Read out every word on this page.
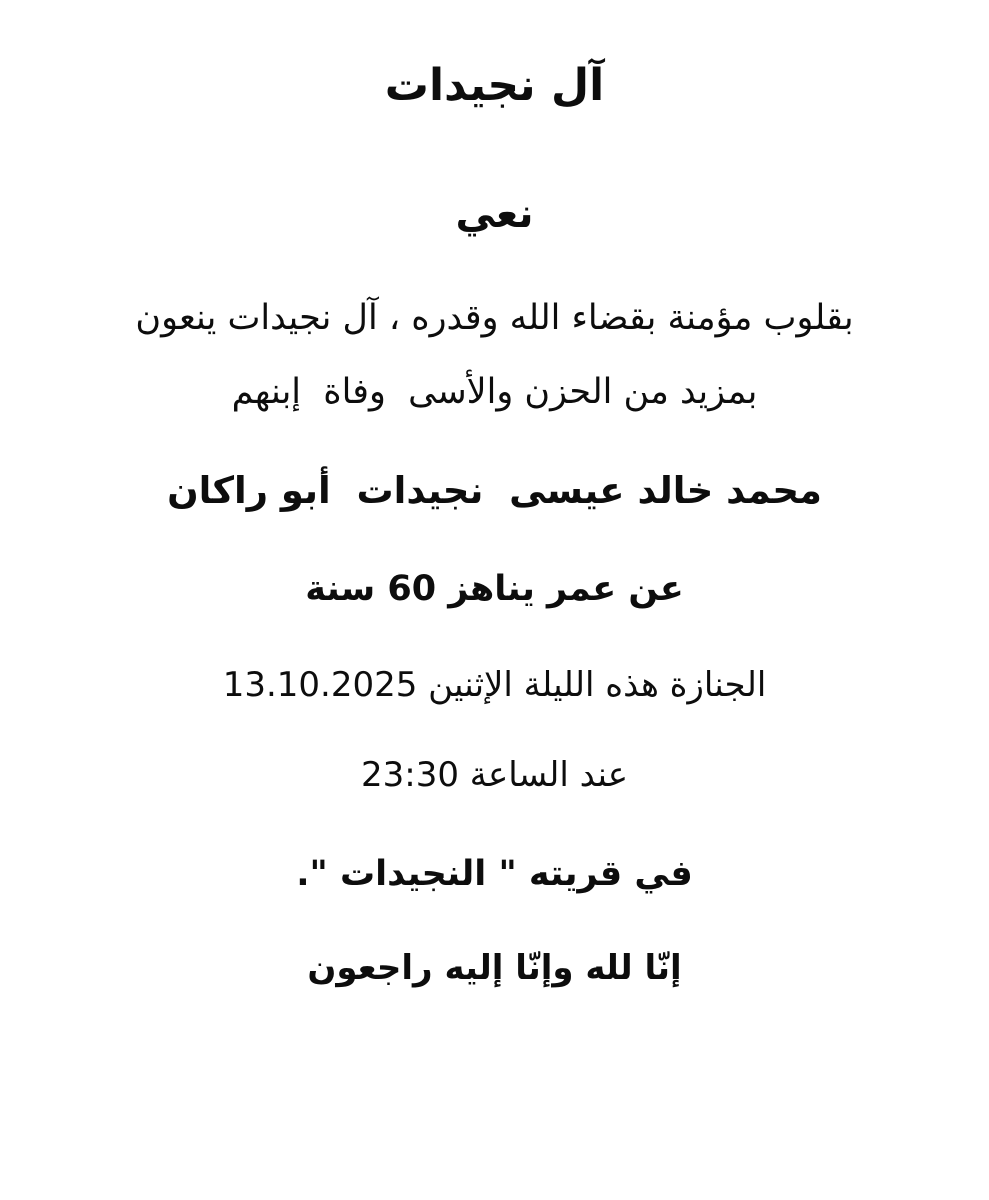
آل نجيدات
نعي
بقلوب مؤمنة بقضاء الله وقدره ، آل نجيدات ينعون
بمزيد من الحزن والأسى  وفاة  إبنهم
محمد خالد عيسى  نجيدات  أبو راكان
عن عمر يناهز 60 سنة
الجنازة هذه الليلة الإثنين 13.10.2025
عند الساعة 23:30
في قريته " النجيدات ".
إنّا لله وإنّا إليه راجعون
